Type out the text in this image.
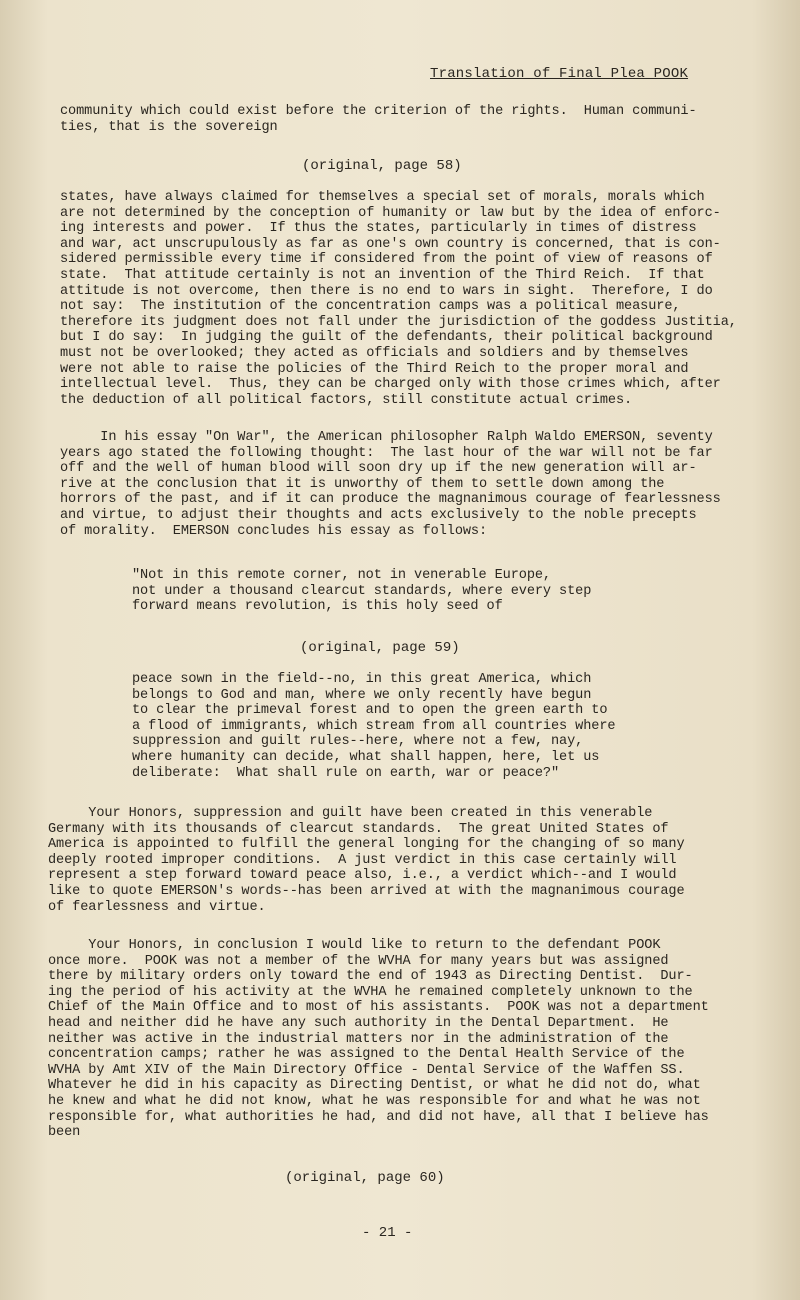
Translation of Final Plea POOK
community which could exist before the criterion of the rights.  Human communi-
ties, that is the sovereign
(original, page 58)
states, have always claimed for themselves a special set of morals, morals which
are not determined by the conception of humanity or law but by the idea of enforc-
ing interests and power.  If thus the states, particularly in times of distress
and war, act unscrupulously as far as one's own country is concerned, that is con-
sidered permissible every time if considered from the point of view of reasons of
state.  That attitude certainly is not an invention of the Third Reich.  If that
attitude is not overcome, then there is no end to wars in sight.  Therefore, I do
not say:  The institution of the concentration camps was a political measure,
therefore its judgment does not fall under the jurisdiction of the goddess Justitia,
but I do say:  In judging the guilt of the defendants, their political background
must not be overlooked; they acted as officials and soldiers and by themselves
were not able to raise the policies of the Third Reich to the proper moral and
intellectual level.  Thus, they can be charged only with those crimes which, after
the deduction of all political factors, still constitute actual crimes.
In his essay "On War", the American philosopher Ralph Waldo EMERSON, seventy
years ago stated the following thought:  The last hour of the war will not be far
off and the well of human blood will soon dry up if the new generation will ar-
rive at the conclusion that it is unworthy of them to settle down among the
horrors of the past, and if it can produce the magnanimous courage of fearlessness
and virtue, to adjust their thoughts and acts exclusively to the noble precepts
of morality.  EMERSON concludes his essay as follows:
"Not in this remote corner, not in venerable Europe,
not under a thousand clearcut standards, where every step
forward means revolution, is this holy seed of
(original, page 59)
peace sown in the field--no, in this great America, which
belongs to God and man, where we only recently have begun
to clear the primeval forest and to open the green earth to
a flood of immigrants, which stream from all countries where
suppression and guilt rules--here, where not a few, nay,
where humanity can decide, what shall happen, here, let us
deliberate:  What shall rule on earth, war or peace?"
Your Honors, suppression and guilt have been created in this venerable
Germany with its thousands of clearcut standards.  The great United States of
America is appointed to fulfill the general longing for the changing of so many
deeply rooted improper conditions.  A just verdict in this case certainly will
represent a step forward toward peace also, i.e., a verdict which--and I would
like to quote EMERSON's words--has been arrived at with the magnanimous courage
of fearlessness and virtue.
Your Honors, in conclusion I would like to return to the defendant POOK
once more.  POOK was not a member of the WVHA for many years but was assigned
there by military orders only toward the end of 1943 as Directing Dentist.  Dur-
ing the period of his activity at the WVHA he remained completely unknown to the
Chief of the Main Office and to most of his assistants.  POOK was not a department
head and neither did he have any such authority in the Dental Department.  He
neither was active in the industrial matters nor in the administration of the
concentration camps; rather he was assigned to the Dental Health Service of the
WVHA by Amt XIV of the Main Directory Office - Dental Service of the Waffen SS.
Whatever he did in his capacity as Directing Dentist, or what he did not do, what
he knew and what he did not know, what he was responsible for and what he was not
responsible for, what authorities he had, and did not have, all that I believe has
been
(original, page 60)
- 21 -
